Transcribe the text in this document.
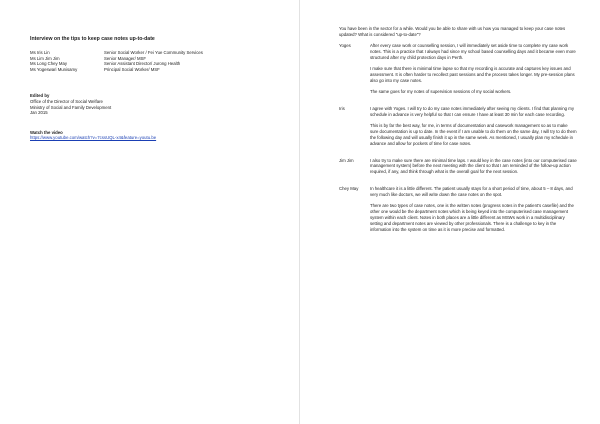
Interview on the tips to keep case notes up-to-date

Ms Iris Lin	Senior Social Worker / Fei Yue Community Services
Ms Lim Jim Jim	Senior Manager/ MSF
Ms Long Chey May	Senior Assistant Director/ Jurong Health
Ms Yogeswari Munisamy	Principal Social Worker/ MSF
Edited by
Office of the Director of Social Welfare
Ministry of Social and Family Development
Jan 2015
Watch the video
https://www.youtube.com/watch?v=7cssUQL-x4&feature=youtu.be

You have been in the sector for a while. Would you be able to share with us how you managed to keep your case notes updated? What is considered “up-to-date”?

Yoges	After every case work or counselling session, I will immediately set aside time to complete my case work notes. This is a practice that I always had since my school based counselling days and it became even more structured after my child protection days in Perth.

I make sure that there is minimal time lapse so that my recording is accurate and captures key issues and assessment. It is often harder to recollect past sessions and the process takes longer. My pre-session plans also go into my case notes.

The same goes for my notes of supervision sessions of my social workers.

Iris	I agree with Yoges. I will try to do my case notes immediately after seeing my clients. I find that planning my schedule in advance is very helpful so that I can ensure I have at least 30 min for each case recording.

This is by far the best way, for me, in terms of documentation and casework management so as to make sure documentation is up to date. In the event if I am unable to do them on the same day, I will try to do them the following day and will usually finish it up in the same week. As mentioned, I usually plan my schedule in advance and allow for pockets of time for case notes.

Jim Jim	I also try to make sure there are minimal time laps. I would key in the case notes (into our computerised case management system) before the next meeting with the client so that I am reminded of the follow-up action required, if any, and think through what is the overall goal for the next session.

Chey May	In healthcare it is a little different. The patient usually stays for a short period of time, about 5 – 8 days, and very much like doctors, we will write down the case notes on the spot.

There are two types of case notes, one is the written notes (progress notes in the patient’s casefile) and the other one would be the department notes which is being keyed into the computerised case management system within each client. Notes in both places are a little different as MSWs work in a multidisciplinary setting and department notes are viewed by other professionals. There is a challenge to key in the information into the system on time as it is more precise and formatted.
